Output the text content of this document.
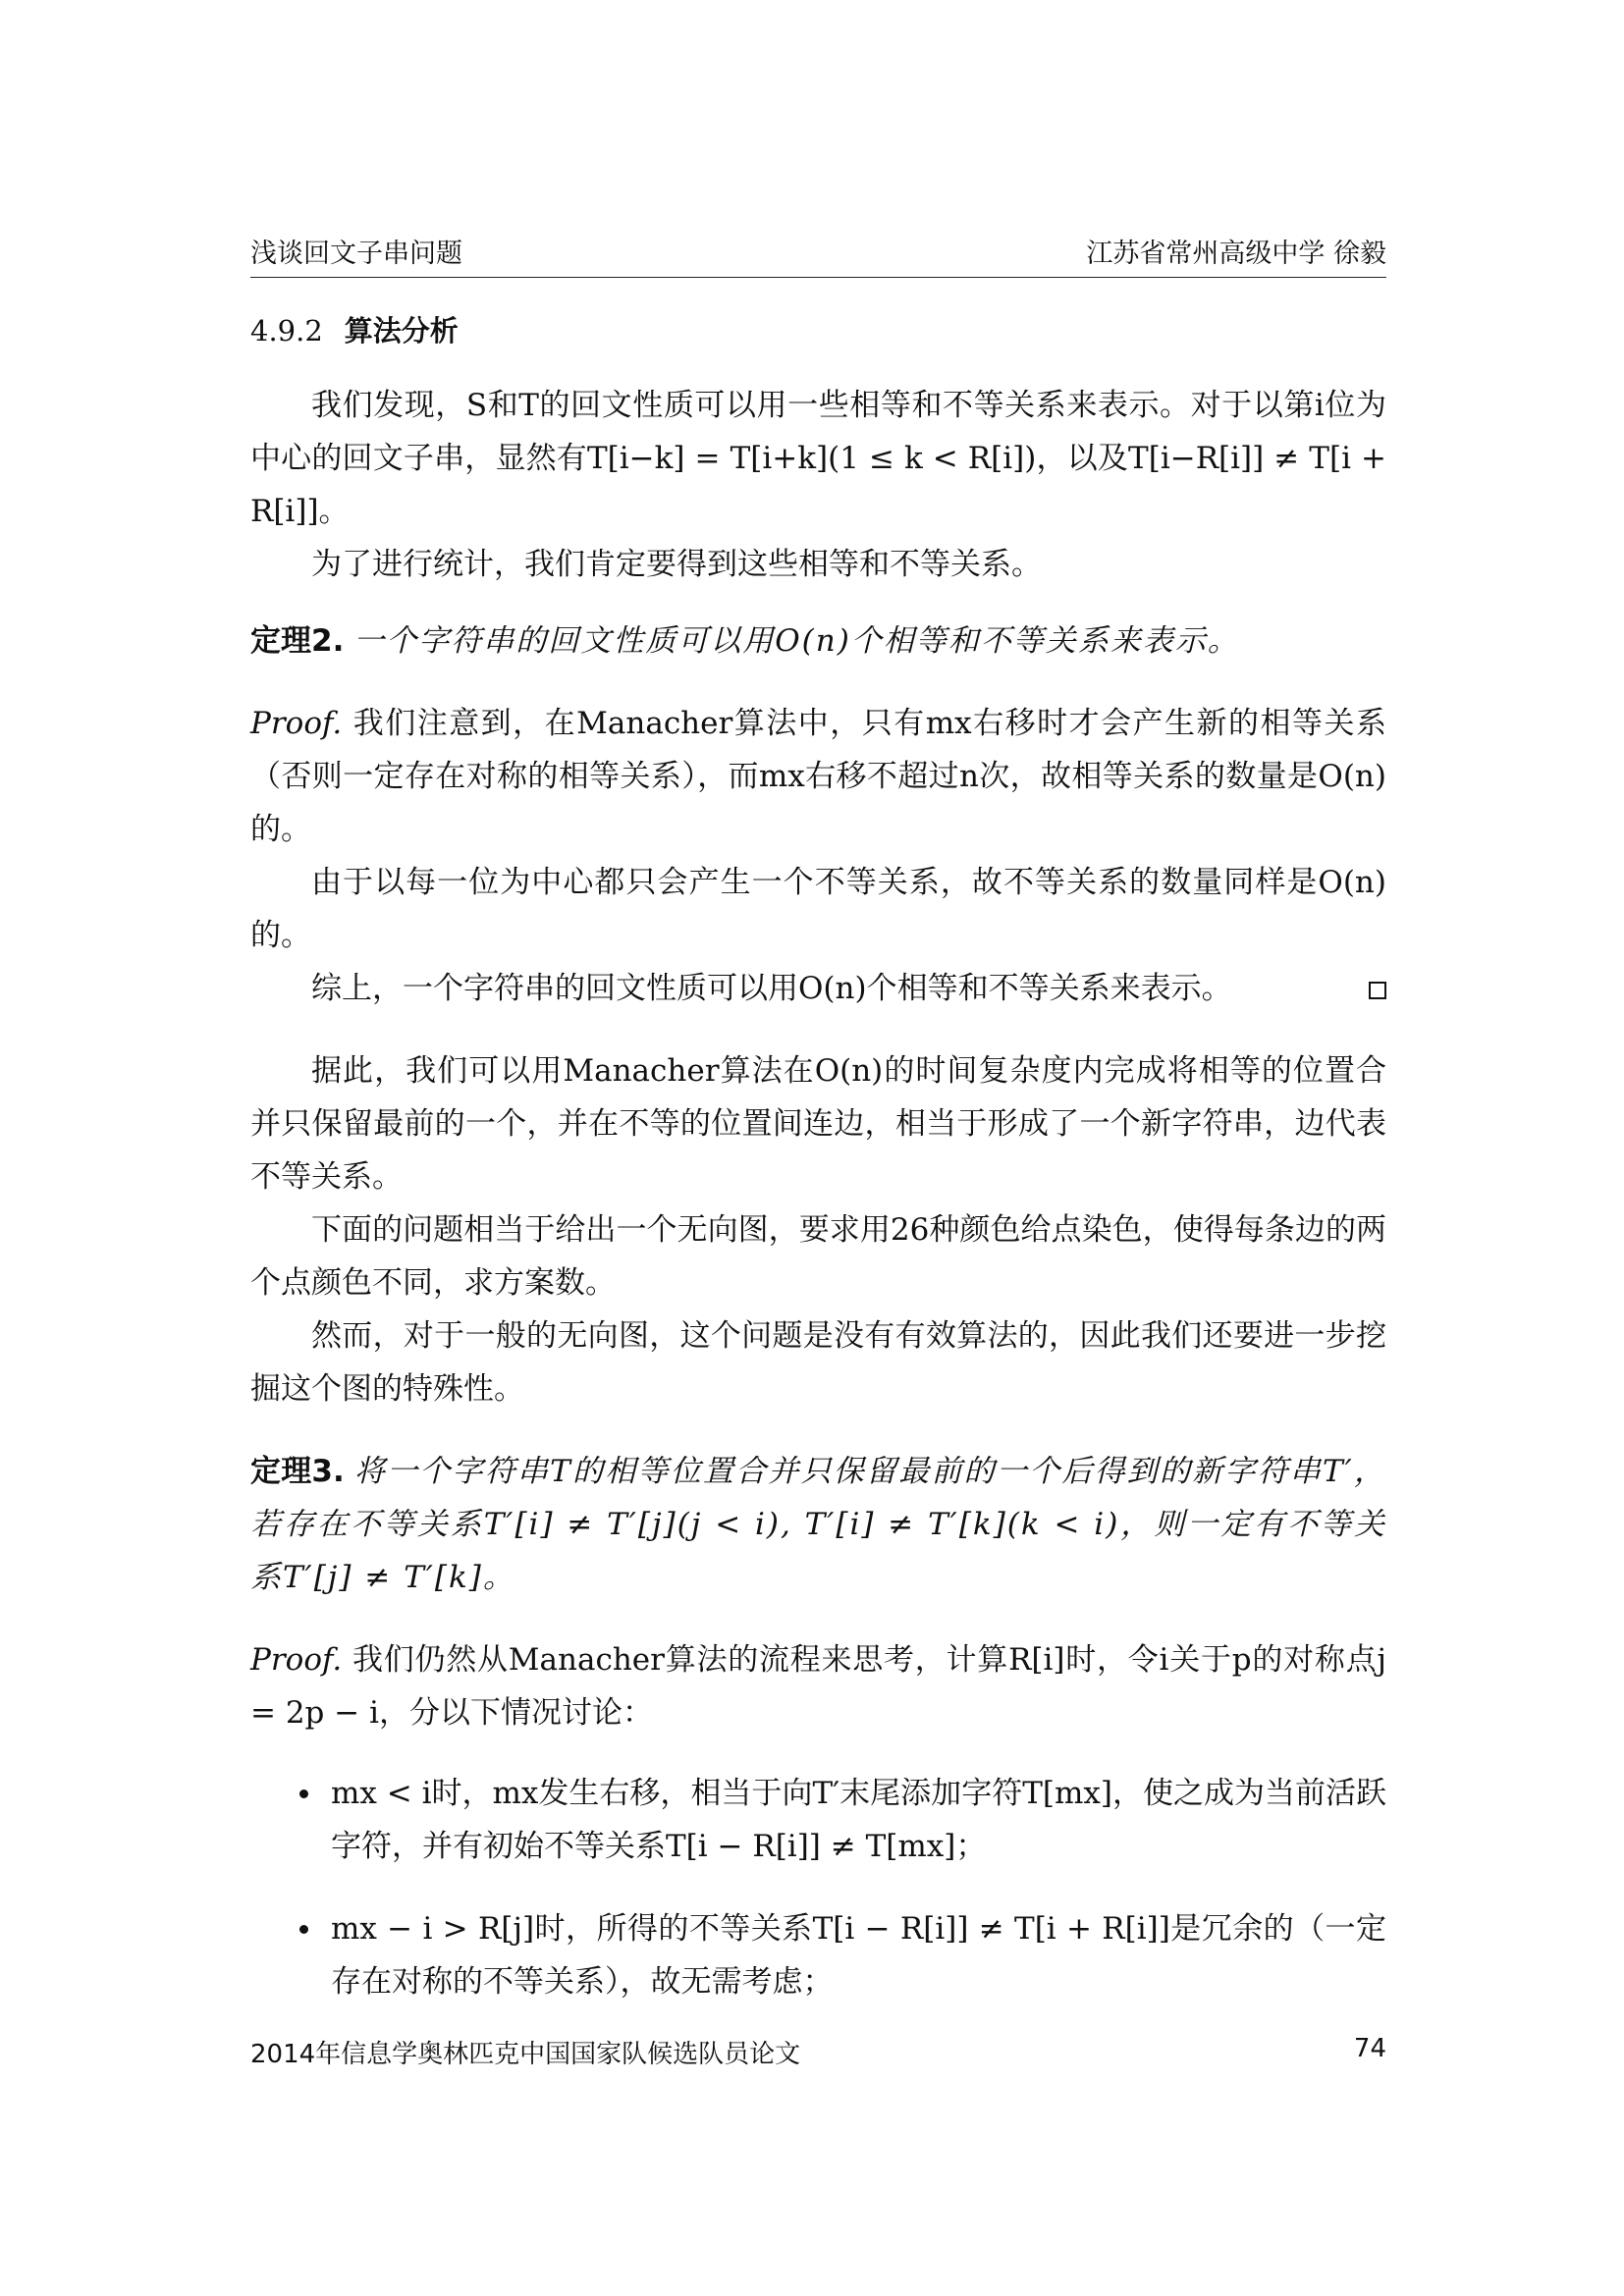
浅谈回文子串问题	江苏省常州高级中学 徐毅
4.9.2 算法分析

我们发现，S和T的回文性质可以用一些相等和不等关系来表示。对于以第i位为中心的回文子串，显然有T[i−k] = T[i+k](1 ≤ k < R[i])，以及T[i−R[i]] ≠ T[i + R[i]]。

为了进行统计，我们肯定要得到这些相等和不等关系。

定理2. 一个字符串的回文性质可以用O(n)个相等和不等关系来表示。

Proof. 我们注意到，在Manacher算法中，只有mx右移时才会产生新的相等关系（否则一定存在对称的相等关系），而mx右移不超过n次，故相等关系的数量是O(n)的。

由于以每一位为中心都只会产生一个不等关系，故不等关系的数量同样是O(n)的。

综上，一个字符串的回文性质可以用O(n)个相等和不等关系来表示。

据此，我们可以用Manacher算法在O(n)的时间复杂度内完成将相等的位置合并只保留最前的一个，并在不等的位置间连边，相当于形成了一个新字符串，边代表不等关系。

下面的问题相当于给出一个无向图，要求用26种颜色给点染色，使得每条边的两个点颜色不同，求方案数。

然而，对于一般的无向图，这个问题是没有有效算法的，因此我们还要进一步挖掘这个图的特殊性。

定理3. 将一个字符串T的相等位置合并只保留最前的一个后得到的新字符串T′，若存在不等关系T′[i] ≠ T′[j](j < i), T′[i] ≠ T′[k](k < i)，则一定有不等关系T′[j] ≠ T′[k]。

Proof. 我们仍然从Manacher算法的流程来思考，计算R[i]时，令i关于p的对称点j = 2p − i，分以下情况讨论：

mx < i时，mx发生右移，相当于向T′末尾添加字符T[mx]，使之成为当前活跃字符，并有初始不等关系T[i − R[i]] ≠ T[mx]；
mx − i > R[j]时，所得的不等关系T[i − R[i]] ≠ T[i + R[i]]是冗余的（一定存在对称的不等关系），故无需考虑；
2014年信息学奥林匹克中国国家队候选队员论文	74
